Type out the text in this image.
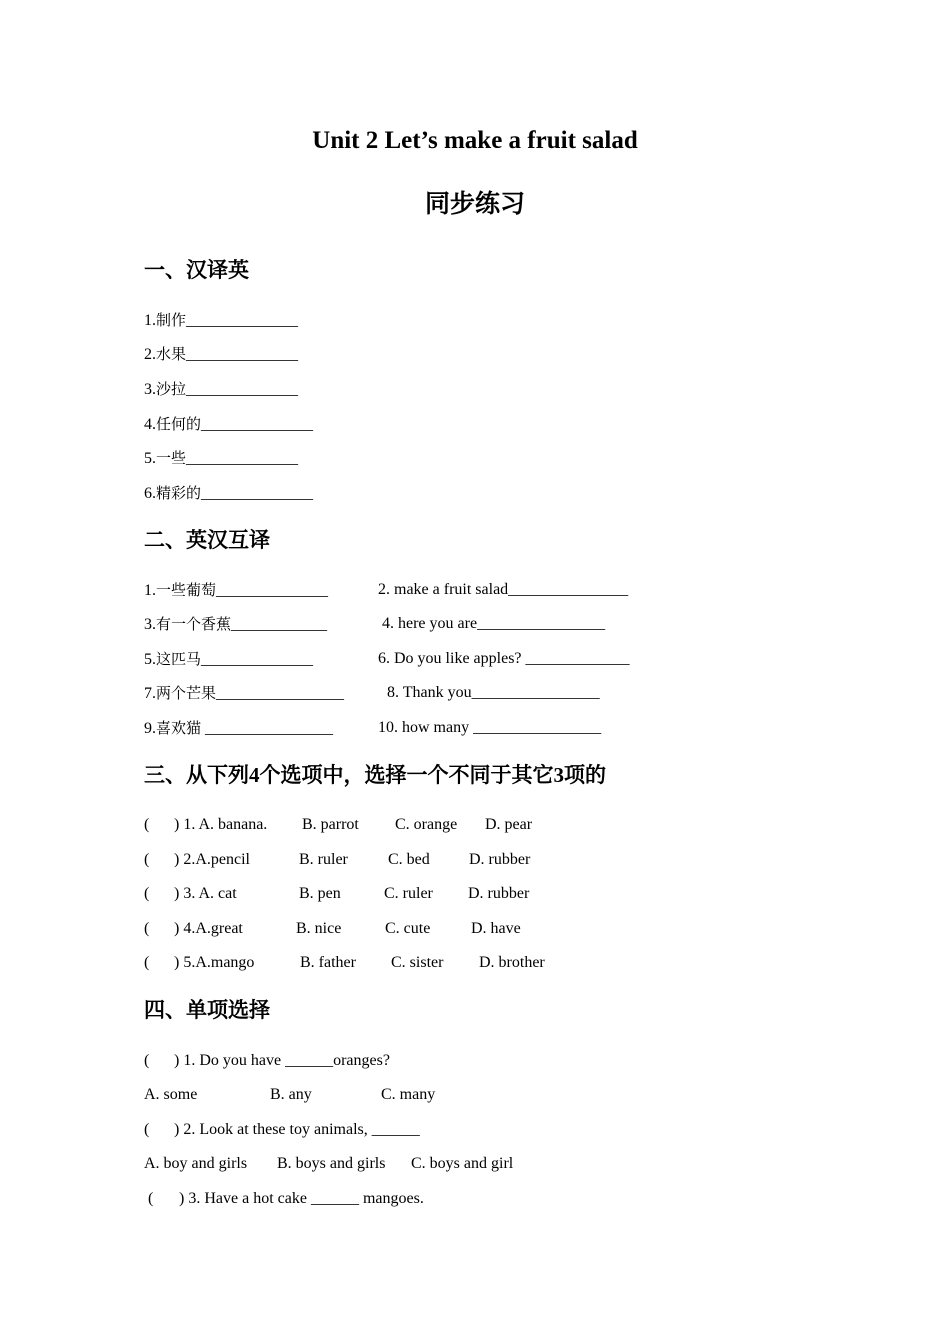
Unit 2 Let’s make a fruit salad
同步练习
一、汉译英
1.制作______________
2.水果______________
3.沙拉______________
4.任何的______________
5.一些______________
6.精彩的______________
二、英汉互译
1.一些葡萄______________	2. make a fruit salad_______________
3.有一个香蕉____________	4. here you are________________
5.这匹马______________	6. Do you like apples? _____________
7.两个芒果________________	8. Thank you________________
9.喜欢猫 ________________	10. how many ________________
三、从下列4个选项中，选择一个不同于其它3项的
( ) 1. A. banana. B. parrot C. orange D. pear
( ) 2.A.pencil	B. ruler	C. bed D. rubber
( ) 3. A. cat	B. pen	C. ruler D. rubber
( ) 4.A.great	B. nice	C. cute	D. have
( ) 5.A.mango	B. father C. sister D. brother
四、单项选择
( ) 1. Do you have ______oranges?
A. some	B. any	C. many
( ) 2. Look at these toy animals, ______
A. boy and girls B. boys and girls C. boys and girl
( ) 3. Have a hot cake ______ mangoes.
